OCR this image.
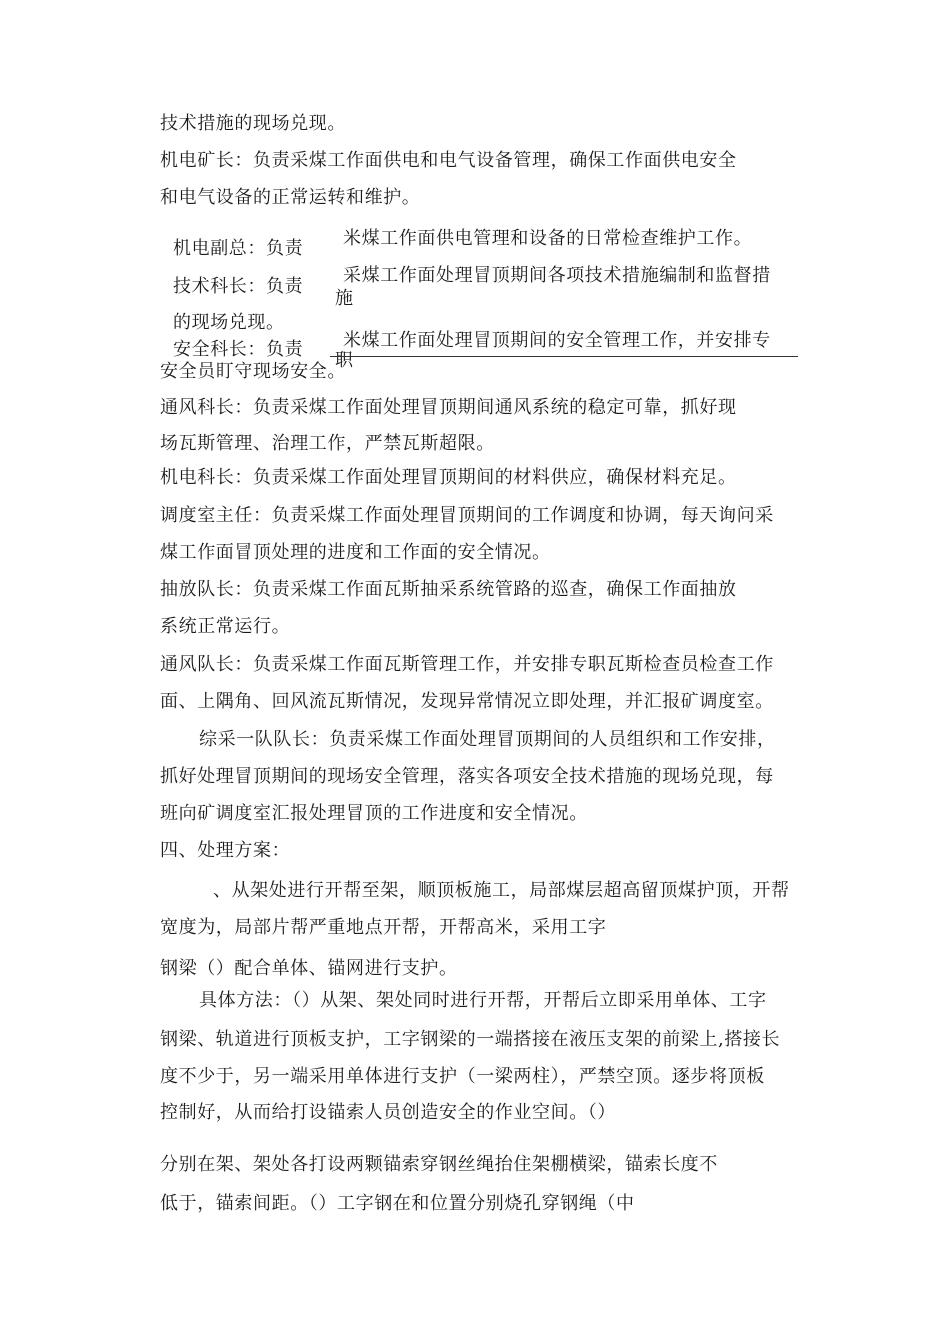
技术措施的现场兑现。
机电矿长：负责采煤工作面供电和电气设备管理，确保工作面供电安全
和电气设备的正常运转和维护。
机电副总：负责 米煤工作面供电管理和设备的日常检查维护工作。
技术科长：负责
采煤工作面处理冒顶期间各项技术措施编制和监督措
施
的现场兑现。
安全科长：负责 米煤工作面处理冒顶期间的安全管理工作，并安排专
职
安全员盯守现场安全。
通风科长：负责采煤工作面处理冒顶期间通风系统的稳定可靠，抓好现
场瓦斯管理、治理工作，严禁瓦斯超限。
机电科长：负责采煤工作面处理冒顶期间的材料供应，确保材料充足。
调度室主任：负责采煤工作面处理冒顶期间的工作调度和协调，每天询问采
煤工作面冒顶处理的进度和工作面的安全情况。
抽放队长：负责采煤工作面瓦斯抽采系统管路的巡查，确保工作面抽放
系统正常运行。
通风队长：负责采煤工作面瓦斯管理工作，并安排专职瓦斯检查员检查工作
面、上隅角、回风流瓦斯情况，发现异常情况立即处理，并汇报矿调度室。
综采一队队长：负责采煤工作面处理冒顶期间的人员组织和工作安排，
抓好处理冒顶期间的现场安全管理，落实各项安全技术措施的现场兑现，每
班向矿调度室汇报处理冒顶的工作进度和安全情况。
四、处理方案：
、从架处进行开帮至架，顺顶板施工，局部煤层超高留顶煤护顶，开帮
宽度为，局部片帮严重地点开帮，开帮高米，采用工字
钢梁（）配合单体、锚网进行支护。
具体方法：（）从架、架处同时进行开帮，开帮后立即采用单体、工字
钢梁、轨道进行顶板支护，工字钢梁的一端搭接在液压支架的前梁上,搭接长
度不少于，另一端采用单体进行支护（一梁两柱），严禁空顶。逐步将顶板
控制好，从而给打设锚索人员创造安全的作业空间。（）
分别在架、架处各打设两颗锚索穿钢丝绳抬住架棚横梁，锚索长度不
低于，锚索间距。（）工字钢在和位置分别烧孔穿钢绳（中
